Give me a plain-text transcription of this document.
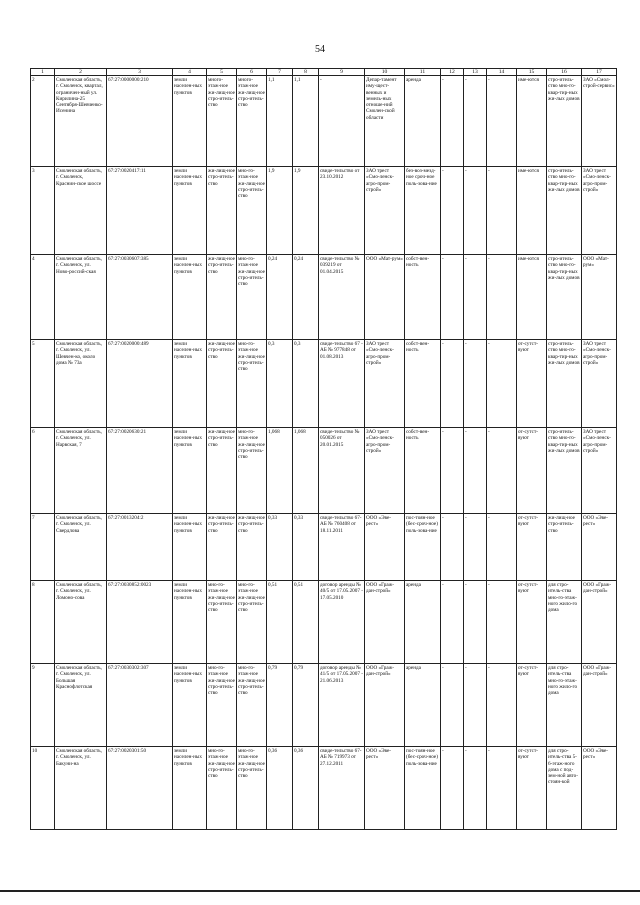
54
1	2	3	4	5	6	7	8	9	10	11	12	13	14	15	16	17
2	Смоленская область, г. Смоленск, квартал, ограничен-ный ул. Кирилина-25 Сентября-Шевченко-Исенина	67:27:0000000:210	земли населен-ных пунктов	много-этаж-ное жи-лищ-ное стро-итель-ство	много-этаж-ное жи-лищ-ное стро-итель-ство	1,1	1,1	-	Депар-тамент иму-щест-венных и земель-ных отноше-ний Смолен-ской области	аренда	-	-	-	име-ются	стро-итель-ство мно-го-квар-тир-ных жи-лых домов	ЗАО «Смол-строй-сервис»
3	Смоленская область, г. Смоленск, Краснин-ское шоссе	67:27:0020417:11	земли населен-ных пунктов	жи-лищ-ное стро-итель-ство	мно-го-этаж-ное жи-лищ-ное стро-итель-ство	1,9	1,9	свиде-тельство от 23.10.2012	ЗАО трест «Смо-ленск-агро-пром-строй»	без-воз-мезд-ное сроч-ное поль-зова-ние	-	-	-	име-ются	стро-итель-ство мно-го-квар-тир-ных жи-лых домов	ЗАО трест «Смо-ленск-агро-пром-строй»
4	Смоленская область, г. Смоленск, ул. Ново-россий-ская	67:27:0030607:385	земли населен-ных пунктов	жи-лищ-ное стро-итель-ство	мно-го-этаж-ное жи-лищ-ное стро-итель-ство	0,24	0,24	свиде-тельство № 039219 от 01.04.2015	ООО «Мат-рум»	собст-вен-ность	-	-	-	име-ются	стро-итель-ство мно-го-квар-тир-ных жи-лых домов	ООО «Мат-рум»
5	Смоленская область, г. Смоленск, ул. Шевчен-ко, около дома № 73а	67:27:0020000:489	земли населен-ных пунктов	жи-лищ-ное стро-итель-ство	мно-го-этаж-ное жи-лищ-ное стро-итель-ство	0,3	0,3	свиде-тельство 67 - АБ № 977848 от 01.08.2013	ЗАО трест «Смо-ленск-агро-пром-строй»	собст-вен-ность	-	-	-	от-сутст-вуют	стро-итель-ство мно-го-квар-тир-ных жи-лых домов	ЗАО трест «Смо-ленск-агро-пром-строй»
6	Смоленская область, г. Смоленск, ул. Нарвская, 7	67:27:0020630:21	земли населен-ных пунктов	жи-лищ-ное стро-итель-ство	мно-го-этаж-ное жи-лищ-ное стро-итель-ство	1,068	1,068	свиде-тельство № 050026 от 20.01.2015	ЗАО трест «Смо-ленск-агро-пром-строй»	собст-вен-ность	-	-	-	от-сутст-вуют	стро-итель-ство мно-го-квар-тир-ных жи-лых домов	ЗАО трест «Смо-ленск-агро-пром-строй»
7	Смоленская область, г. Смоленск, ул. Свердлова	67:27:0013204:2	земли населен-ных пунктов	жи-лищ-ное стро-итель-ство	жи-лищ-ное стро-итель-ство	0,33	0,33	свиде-тельство 67-АБ № 760408 от 18.11.2011	ООО «Эве-рест»	пос-тоян-ное (бес-сроч-ное) поль-зова-ние	-	-	-	от-сутст-вуют	жи-лищ-ное стро-итель-ство	ООО «Эве-рест»
8	Смоленская область, г. Смоленск, ул. Ломоно-сова	67:27:0030852:0023	земли населен-ных пунктов	мно-го-этаж-ное жи-лищ-ное стро-итель-ство	мно-го-этаж-ное жи-лищ-ное стро-итель-ство	0,51	0,51	договор аренды № 40/5 от 17.05.2007 - 17.05.2010	ООО «Граж-дан-строй»	аренда	-	-	-	от-сутст-вуют	для стро-итель-ства мно-го-этаж-ного жило-го дома	ООО «Граж-дан-строй»
9	Смоленская область, г. Смоленск, ул. Большая Краснофлотская	67:27:0030302:307	земли населен-ных пунктов	мно-го-этаж-ное жи-лищ-ное стро-итель-ство	мно-го-этаж-ное жи-лищ-ное стро-итель-ство	0,79	0,79	договор аренды № 41/5 от 17.05.2007 - 21.06.2013	ООО «Граж-дан-строй»	аренда	-	-	-	от-сутст-вуют	для стро-итель-ства мно-го-этаж-ного жило-го дома	ООО «Граж-дан-строй»
10	Смоленская область, г. Смоленск, ул. Бакуни-на	67:27:0020301:50	земли населен-ных пунктов	мно-го-этаж-ное жи-лищ-ное стро-итель-ство	мно-го-этаж-ное жи-лищ-ное стро-итель-ство	0,36	0,36	свиде-тельство 67-АБ № 719973 от 27.12.2011	ООО «Эве-рест»	пос-тоян-ное (бес-сроч-ное) поль-зова-ние	-	-	-	от-сутст-вуют	для стро-итель-ства 5-6-этаж-ного дома с под-зем-ной авто-стоян-кой	ООО «Эве-рест»
